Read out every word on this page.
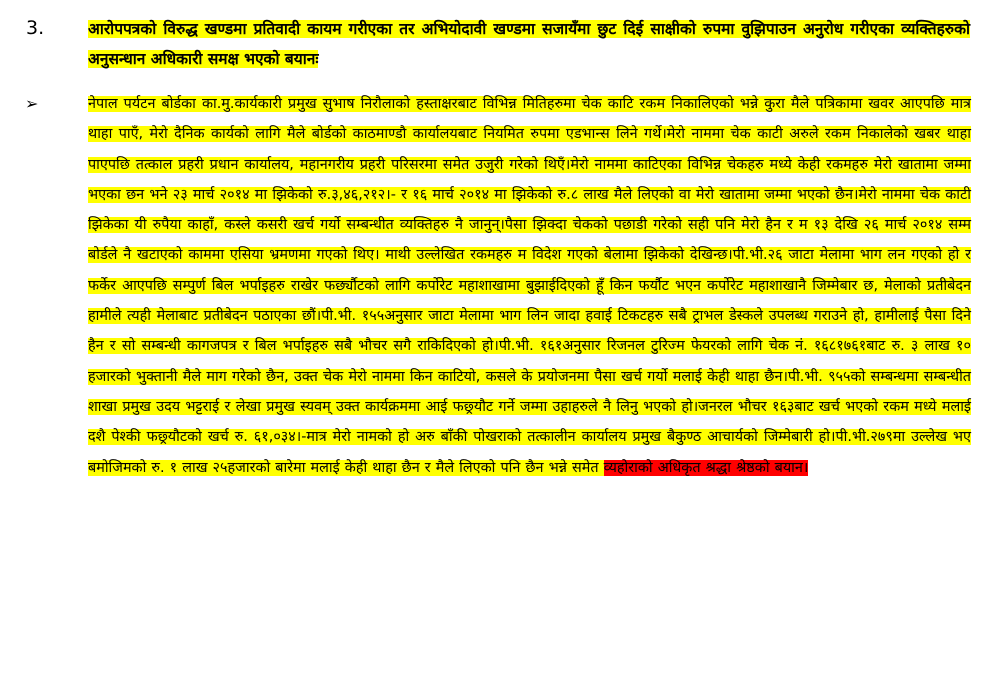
3.	आरोपपत्रको विरुद्ध खण्डमा प्रतिवादी कायम गरीएका तर अभियोदावी खण्डमा सजायँमा छुट दिई साक्षीको रुपमा वुझिपाउन अनुरोध गरीएका व्यक्तिहरुको अनुसन्धान अधिकारी समक्ष भएको बयानः
➢	नेपाल पर्यटन बोर्डका का.मु.कार्यकारी प्रमुख सुभाष निरौलाको हस्ताक्षरबाट विभिन्न मितिहरुमा चेक काटि रकम निकालिएको भन्ने कुरा मैले पत्रिकामा खवर आएपछि मात्र थाहा पाएँ, मेरो दैनिक कार्यको लागि मैले बोर्डको काठमाण्डौ कार्यालयबाट नियमित रुपमा एडभान्स लिने गर्थे।मेरो नाममा चेक काटी अरुले रकम निकालेको खबर थाहा पाएपछि तत्काल प्रहरी प्रधान कार्यालय, महानगरीय प्रहरी परिसरमा समेत उजुरी गरेको थिएँ।मेरो नाममा काटिएका विभिन्न चेकहरु मध्ये केही रकमहरु मेरो खातामा जम्मा भएका छन भने २३ मार्च २०१४ मा झिकेको रु.३,४६,२१२।- र १६ मार्च २०१४ मा झिकेको रु.८ लाख मैले लिएको वा मेरो खातामा जम्मा भएको छैन।मेरो नाममा चेक काटी झिकेका यी रुपैया काहाँ, कस्ले कसरी खर्च गर्यो सम्बन्धीत व्यक्तिहरु नै जानुन्।पैसा झिक्दा चेकको पछाडी गरेको सही पनि मेरो हैन र म १३ देखि २६ मार्च २०१४ सम्म बोर्डले नै खटाएको काममा एसिया भ्रमणमा गएको थिए। माथी उल्लेखित रकमहरु म विदेश गएको बेलामा झिकेको देखिन्छ।पी.भी.२६ जाटा मेलामा भाग लन गएको हो र फर्केर आएपछि सम्पुर्ण बिल भर्पाइहरु राखेर फर्छ्यौटको लागि कर्पोरेट महाशाखामा बुझाईदिएको हूँ किन फर्यौट भएन कर्पोरेट महाशाखानै जिम्मेबार छ, मेलाको प्रतीबेदन हामीले त्यही मेलाबाट प्रतीबेदन पठाएका छौं।पी.भी. १५५अनुसार जाटा मेलामा भाग लिन जादा हवाई टिकटहरु सबै ट्राभल डेस्कले उपलब्ध गराउने हो, हामीलाई पैसा दिने हैन र सो सम्बन्धी कागजपत्र र बिल भर्पाइहरु सबै भौचर सगै राकिदिएको हो।पी.भी. १६१अनुसार रिजनल टुरिज्म फेयरको लागि चेक नं. १६८१७६१बाट रु. ३ लाख १० हजारको भुक्तानी मैले माग गरेको छैन, उक्त चेक मेरो नाममा किन काटियो, कसले के प्रयोजनमा पैसा खर्च गर्यो मलाई केही थाहा छैन।पी.भी. ९५५को सम्बन्धमा सम्बन्धीत शाखा प्रमुख उदय भट्टराई र लेखा प्रमुख स्यवम् उक्त कार्यक्रममा आई फछ्र्यौट गर्ने जम्मा उहाहरुले नै लिनु भएको हो।जनरल भौचर १६३बाट खर्च भएको रकम मध्ये मलाई दशै पेश्की फछ्र्यौटको खर्च रु. ६१,०३४।-मात्र मेरो नामको हो अरु बाँकी पोखराको तत्कालीन कार्यालय प्रमुख बैकुण्ठ आचार्यको जिम्मेबारी हो।पी.भी.२७९मा उल्लेख भए बमोजिमको रु. १ लाख २५हजारको बारेमा मलाई केही थाहा छैन र मैले लिएको पनि छैन भन्ने समेत व्यहोराको अधिकृत श्रद्धा श्रेष्ठको बयान।
